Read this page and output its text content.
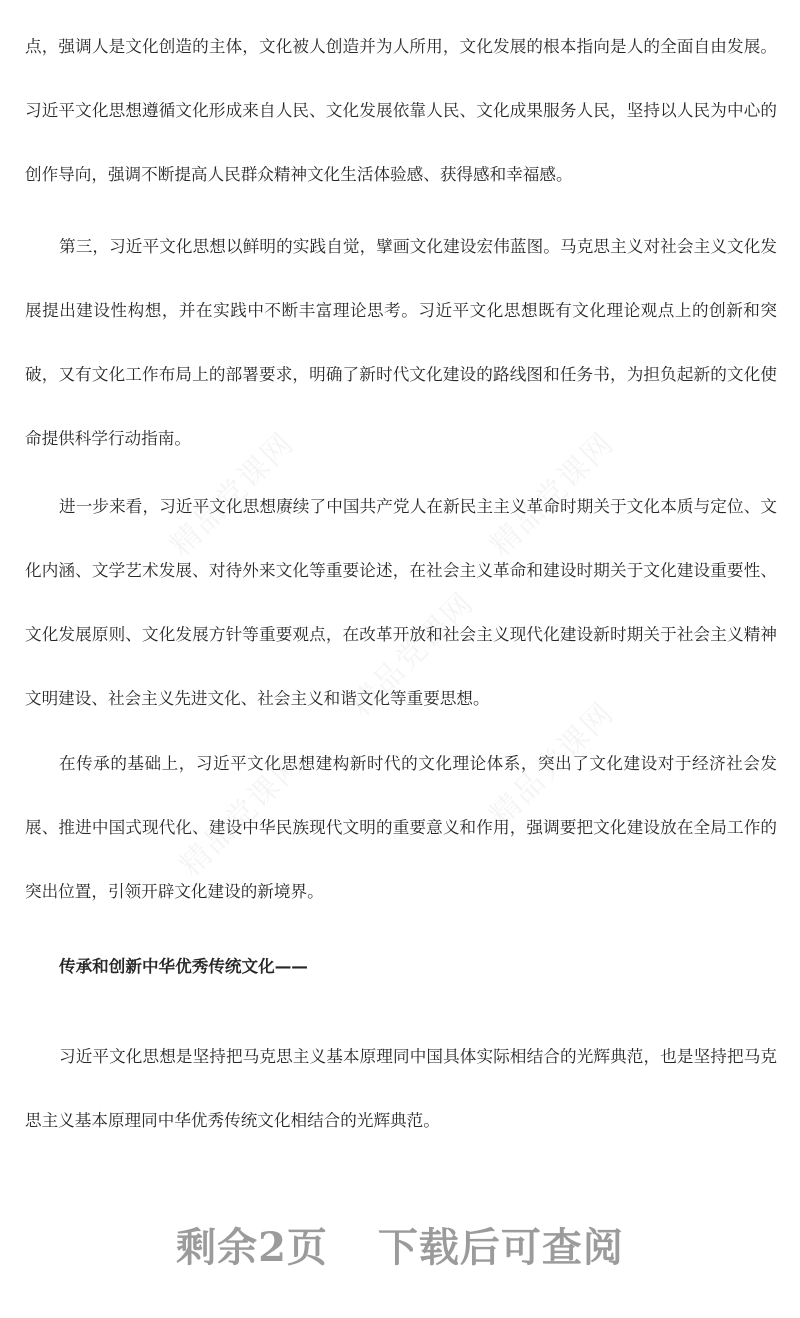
点，强调人是文化创造的主体，文化被人创造并为人所用，文化发展的根本指向是人的全面自由发展。习近平文化思想遵循文化形成来自人民、文化发展依靠人民、文化成果服务人民，坚持以人民为中心的创作导向，强调不断提高人民群众精神文化生活体验感、获得感和幸福感。

第三，习近平文化思想以鲜明的实践自觉，擘画文化建设宏伟蓝图。马克思主义对社会主义文化发展提出建设性构想，并在实践中不断丰富理论思考。习近平文化思想既有文化理论观点上的创新和突破，又有文化工作布局上的部署要求，明确了新时代文化建设的路线图和任务书，为担负起新的文化使命提供科学行动指南。

进一步来看，习近平文化思想赓续了中国共产党人在新民主主义革命时期关于文化本质与定位、文化内涵、文学艺术发展、对待外来文化等重要论述，在社会主义革命和建设时期关于文化建设重要性、文化发展原则、文化发展方针等重要观点，在改革开放和社会主义现代化建设新时期关于社会主义精神文明建设、社会主义先进文化、社会主义和谐文化等重要思想。

在传承的基础上，习近平文化思想建构新时代的文化理论体系，突出了文化建设对于经济社会发展、推进中国式现代化、建设中华民族现代文明的重要意义和作用，强调要把文化建设放在全局工作的突出位置，引领开辟文化建设的新境界。

传承和创新中华优秀传统文化——

习近平文化思想是坚持把马克思主义基本原理同中国具体实际相结合的光辉典范，也是坚持把马克思主义基本原理同中华优秀传统文化相结合的光辉典范。

精品党课网	精品党课网
精品党课网
精品党课网	精品党课网
剩余2页 下载后可查阅
